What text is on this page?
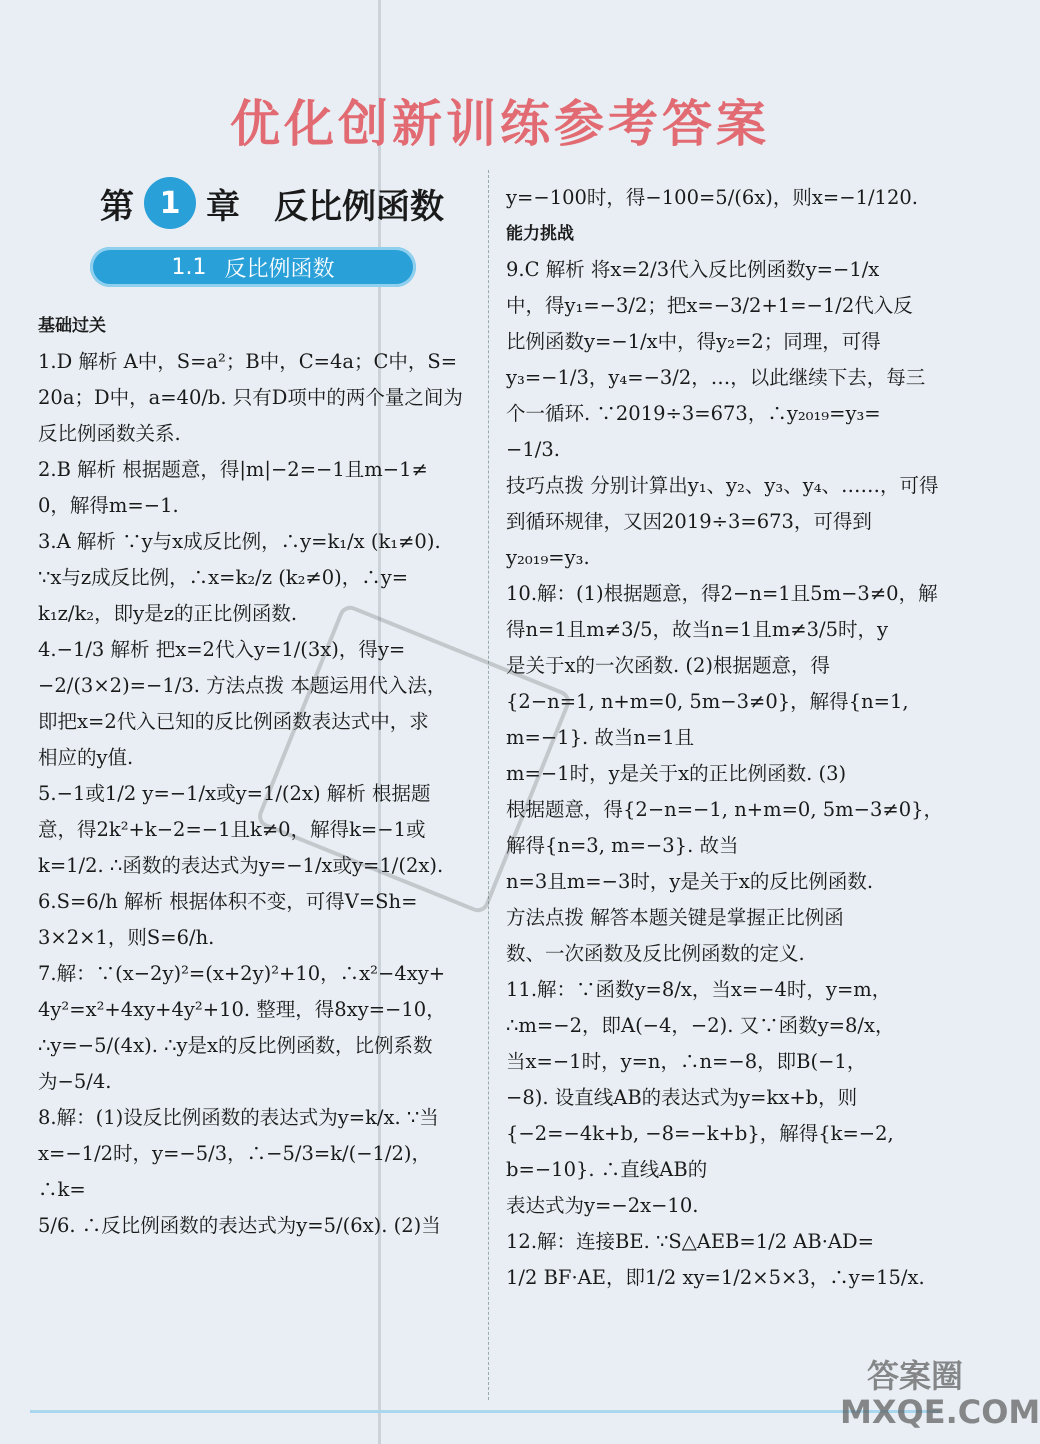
优化创新训练参考答案
第 1 章 反比例函数
1.1 反比例函数
基础过关
1.D 解析 A中，S=a²；B中，C=4a；C中，S=
20a；D中，a=40/b. 只有D项中的两个量之间为
反比例函数关系.
2.B 解析 根据题意，得|m|−2=−1且m−1≠
0，解得m=−1.
3.A 解析 ∵y与x成反比例，∴y=k₁/x (k₁≠0).
∵x与z成反比例，∴x=k₂/z (k₂≠0)，∴y=
k₁z/k₂，即y是z的正比例函数.
4.−1/3 解析 把x=2代入y=1/(3x)，得y=
−2/(3×2)=−1/3. 方法点拨 本题运用代入法，
即把x=2代入已知的反比例函数表达式中，求
相应的y值.
5.−1或1/2 y=−1/x或y=1/(2x) 解析 根据题
意，得2k²+k−2=−1且k≠0，解得k=−1或
k=1/2. ∴函数的表达式为y=−1/x或y=1/(2x).
6.S=6/h 解析 根据体积不变，可得V=Sh=
3×2×1，则S=6/h.
7.解：∵(x−2y)²=(x+2y)²+10，∴x²−4xy+
4y²=x²+4xy+4y²+10. 整理，得8xy=−10，
∴y=−5/(4x). ∴y是x的反比例函数，比例系数
为−5/4.
8.解：(1)设反比例函数的表达式为y=k/x. ∵当
x=−1/2时，y=−5/3，∴−5/3=k/(−1/2)，∴k=
5/6. ∴反比例函数的表达式为y=5/(6x). (2)当
y=−100时，得−100=5/(6x)，则x=−1/120.
能力挑战
9.C 解析 将x=2/3代入反比例函数y=−1/x
中，得y₁=−3/2；把x=−3/2+1=−1/2代入反
比例函数y=−1/x中，得y₂=2；同理，可得
y₃=−1/3，y₄=−3/2，…，以此继续下去，每三
个一循环. ∵2019÷3=673，∴y₂₀₁₉=y₃=
−1/3.
技巧点拨 分别计算出y₁、y₂、y₃、y₄、……，可得
到循环规律，又因2019÷3=673，可得到
y₂₀₁₉=y₃.
10.解：(1)根据题意，得2−n=1且5m−3≠0，解
得n=1且m≠3/5，故当n=1且m≠3/5时，y
是关于x的一次函数. (2)根据题意，得
{2−n=1, n+m=0, 5m−3≠0}，解得{n=1, m=−1}. 故当n=1且
m=−1时，y是关于x的正比例函数. (3)
根据题意，得{2−n=−1, n+m=0, 5m−3≠0}，解得{n=3, m=−3}. 故当
n=3且m=−3时，y是关于x的反比例函数.
方法点拨 解答本题关键是掌握正比例函
数、一次函数及反比例函数的定义.
11.解：∵函数y=8/x，当x=−4时，y=m，
∴m=−2，即A(−4，−2). 又∵函数y=8/x，
当x=−1时，y=n，∴n=−8，即B(−1，
−8). 设直线AB的表达式为y=kx+b，则
{−2=−4k+b, −8=−k+b}，解得{k=−2, b=−10}. ∴直线AB的
表达式为y=−2x−10.
12.解：连接BE. ∵S△AEB=1/2 AB·AD=
1/2 BF·AE，即1/2 xy=1/2×5×3，∴y=15/x.
答案圈
MXQE.COM
